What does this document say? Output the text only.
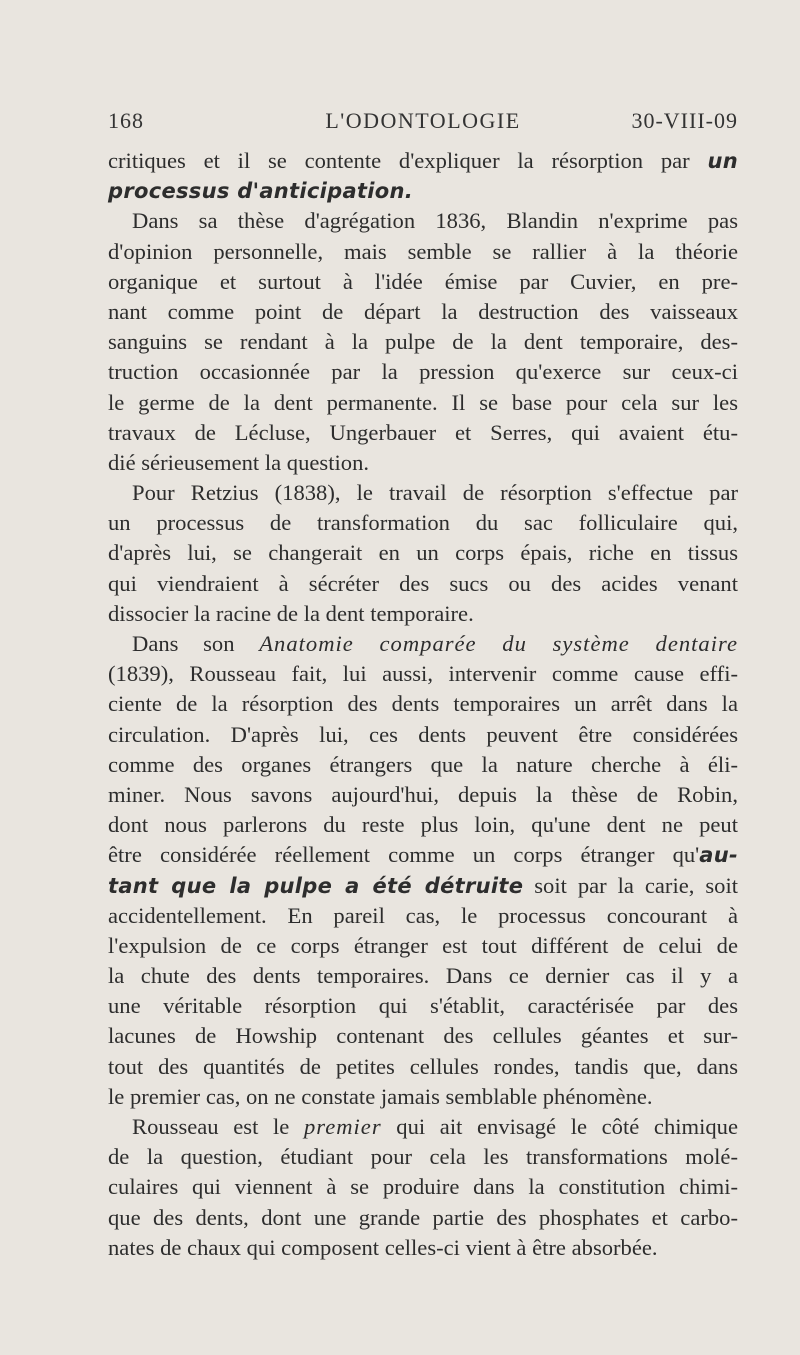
168	L'ODONTOLOGIE	30-VIII-09
critiques et il se contente d'expliquer la résorption par un
processus d'anticipation.
Dans sa thèse d'agrégation 1836, Blandin n'exprime pas
d'opinion personnelle, mais semble se rallier à la théorie
organique et surtout à l'idée émise par Cuvier, en pre-
nant comme point de départ la destruction des vaisseaux
sanguins se rendant à la pulpe de la dent temporaire, des-
truction occasionnée par la pression qu'exerce sur ceux-ci
le germe de la dent permanente. Il se base pour cela sur les
travaux de Lécluse, Ungerbauer et Serres, qui avaient étu-
dié sérieusement la question.
Pour Retzius (1838), le travail de résorption s'effectue par
un processus de transformation du sac folliculaire qui,
d'après lui, se changerait en un corps épais, riche en tissus
qui viendraient à sécréter des sucs ou des acides venant
dissocier la racine de la dent temporaire.
Dans son Anatomie comparée du système dentaire
(1839), Rousseau fait, lui aussi, intervenir comme cause effi-
ciente de la résorption des dents temporaires un arrêt dans la
circulation. D'après lui, ces dents peuvent être considérées
comme des organes étrangers que la nature cherche à éli-
miner. Nous savons aujourd'hui, depuis la thèse de Robin,
dont nous parlerons du reste plus loin, qu'une dent ne peut
être considérée réellement comme un corps étranger qu'au-
tant que la pulpe a été détruite soit par la carie, soit
accidentellement. En pareil cas, le processus concourant à
l'expulsion de ce corps étranger est tout différent de celui de
la chute des dents temporaires. Dans ce dernier cas il y a
une véritable résorption qui s'établit, caractérisée par des
lacunes de Howship contenant des cellules géantes et sur-
tout des quantités de petites cellules rondes, tandis que, dans
le premier cas, on ne constate jamais semblable phénomène.
Rousseau est le premier qui ait envisagé le côté chimique
de la question, étudiant pour cela les transformations molé-
culaires qui viennent à se produire dans la constitution chimi-
que des dents, dont une grande partie des phosphates et carbo-
nates de chaux qui composent celles-ci vient à être absorbée.
